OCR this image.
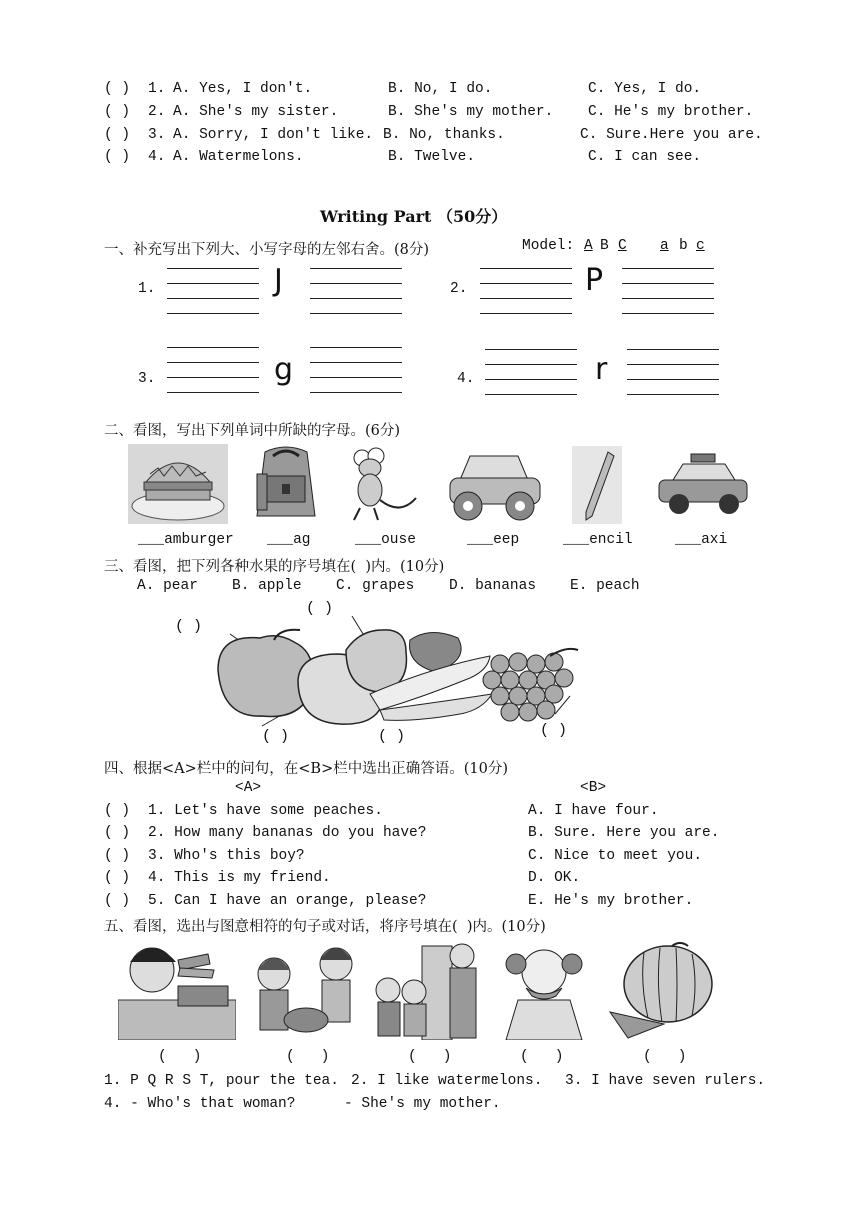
( ) 1. A. Yes, I don't.	B. No, I do.	C. Yes, I do.
( ) 2. A. She's my sister.	B. She's my mother. C. He's my brother.
( ) 3. A. Sorry, I don't like. B. No, thanks.	C. Sure.Here you are.
( ) 4. A. Watermelons.	B. Twelve.	C. I can see.
Writing Part （50分）
一、补充写出下列大、小写字母的左邻右舍。(8分)	Model: A B C a b c
1.	J	2.	P
3.	g	4.	r
二、看图，写出下列单词中所缺的字母。(6分)
___amburger ___ag	___ouse	___eep	___encil	___axi
三、看图，把下列各种水果的序号填在(  )内。(10分)
A. pear B. apple C. grapes D. bananas E. peach
( )
( )
( )	( )	( )
四、根据<A>栏中的问句，在<B>栏中选出正确答语。(10分)
<A>	<B>
( ) 1. Let's have some peaches.	A. I have four.
( ) 2. How many bananas do you have?	B. Sure. Here you are.
( ) 3. Who's this boy?	C. Nice to meet you.
( ) 4. This is my friend.	D. OK.
( ) 5. Can I have an orange, please?	E. He's my brother.
五、看图，选出与图意相符的句子或对话，将序号填在(  )内。(10分)
(   )	(   )	(   )	(   )	(   )
1. P Q R S T, pour the tea. 2. I like watermelons. 3. I have seven rulers.
4. - Who's that woman?	- She's my mother.
